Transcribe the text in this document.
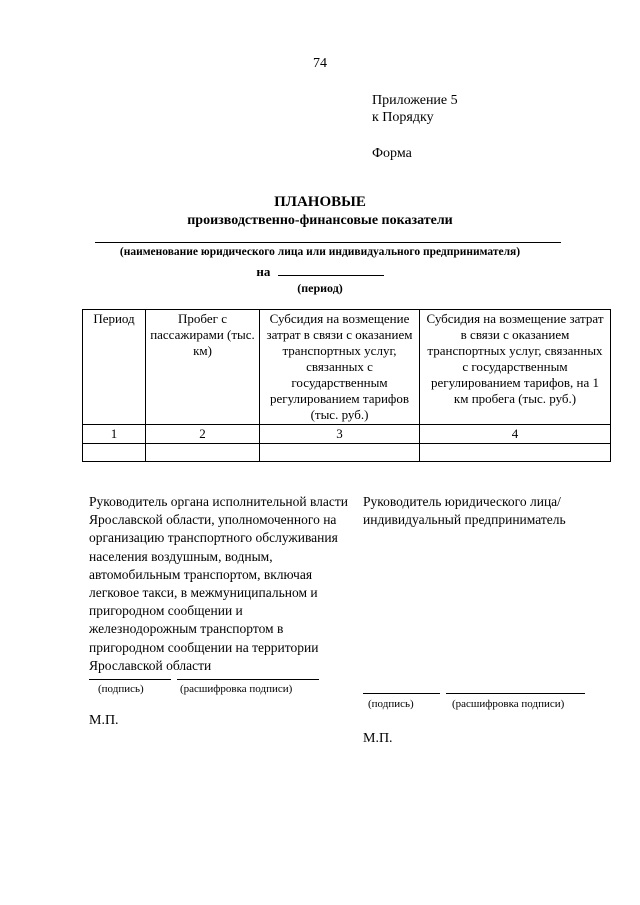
74
Приложение 5
к Порядку
Форма
ПЛАНОВЫЕ
производственно-финансовые показатели
(наименование юридического лица или индивидуального предпринимателя)
на
(период)
Период	Пробег с пассажирами (тыс. км)	Субсидия на возмещение затрат в связи с оказанием транспортных услуг, связанных с государственным регулированием тарифов (тыс. руб.)	Субсидия на возмещение затрат в связи с оказанием транспортных услуг, связанных с государственным регулированием тарифов, на 1 км пробега (тыс. руб.)
1	2	3	4

Руководитель органа исполнительной власти Ярославской области, уполномоченного на организацию транспортного обслуживания населения воздушным, водным, автомобильным транспортом, включая легковое такси, в межмуниципальном и пригородном сообщении и железнодорожным транспортом в пригородном сообщении на территории Ярославской области
(подпись)	(расшифровка подписи)
М.П.
Руководитель юридического лица/ индивидуальный предприниматель
(подпись)	(расшифровка подписи)
М.П.
